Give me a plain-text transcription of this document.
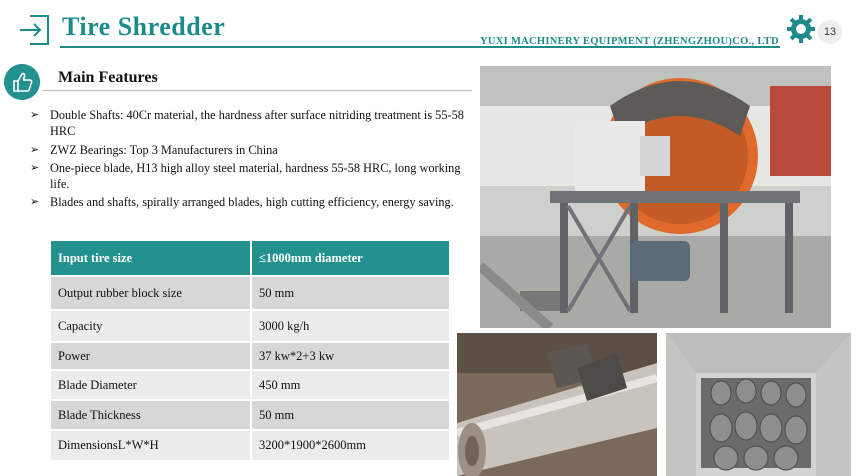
Tire Shredder
YUXI MACHINERY EQUIPMENT (ZHENGZHOU)CO., LTD
13
Main Features
➢ Double Shafts: 40Cr material, the hardness after surface nitriding treatment is 55-58 HRC
➢ ZWZ Bearings: Top 3 Manufacturers in China
➢ One-piece blade, H13 high alloy steel material, hardness 55-58 HRC, long working life.
➢ Blades and shafts, spirally arranged blades, high cutting efficiency, energy saving.
Input tire size	≤1000mm diameter
Output rubber block size	50 mm
Capacity	3000 kg/h
Power	37 kw*2+3 kw
Blade Diameter	450 mm
Blade Thickness	50 mm
DimensionsL*W*H	3200*1900*2600mm
